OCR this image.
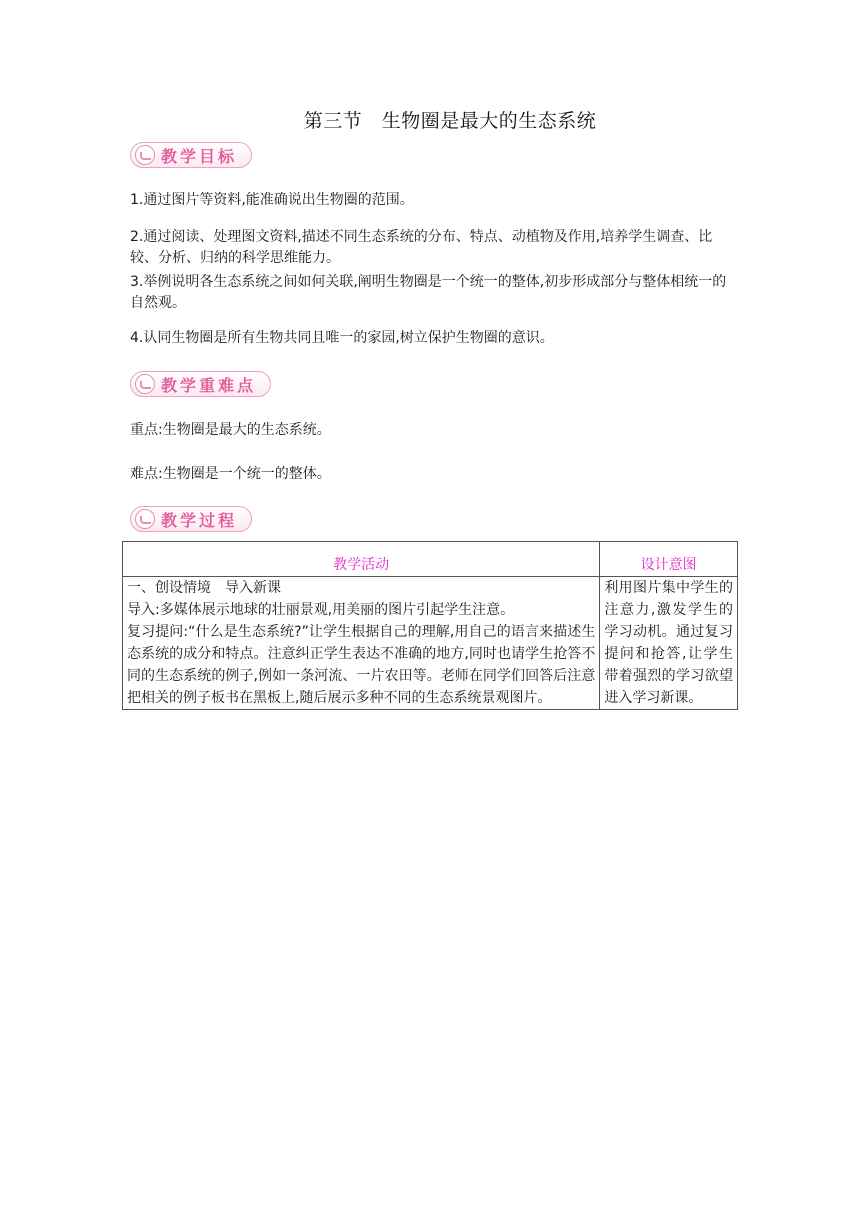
第三节　生物圈是最大的生态系统
教学目标
1.通过图片等资料,能准确说出生物圈的范围。
2.通过阅读、处理图文资料,描述不同生态系统的分布、特点、动植物及作用,培养学生调查、比较、分析、归纳的科学思维能力。
3.举例说明各生态系统之间如何关联,阐明生物圈是一个统一的整体,初步形成部分与整体相统一的自然观。
4.认同生物圈是所有生物共同且唯一的家园,树立保护生物圈的意识。
教学重难点
重点:生物圈是最大的生态系统。
难点:生物圈是一个统一的整体。
教学过程
教学活动	设计意图

一、创设情境　导入新课
导入:多媒体展示地球的壮丽景观,用美丽的图片引起学生注意。
复习提问:“什么是生态系统?”让学生根据自己的理解,用自己的语言来描述生态系统的成分和特点。注意纠正学生表达不准确的地方,同时也请学生抢答不同的生态系统的例子,例如一条河流、一片农田等。老师在同学们回答后注意把相关的例子板书在黑板上,随后展示多种不同的生态系统景观图片。	利用图片集中学生的注意力,激发学生的学习动机。通过复习提问和抢答,让学生带着强烈的学习欲望进入学习新课。
